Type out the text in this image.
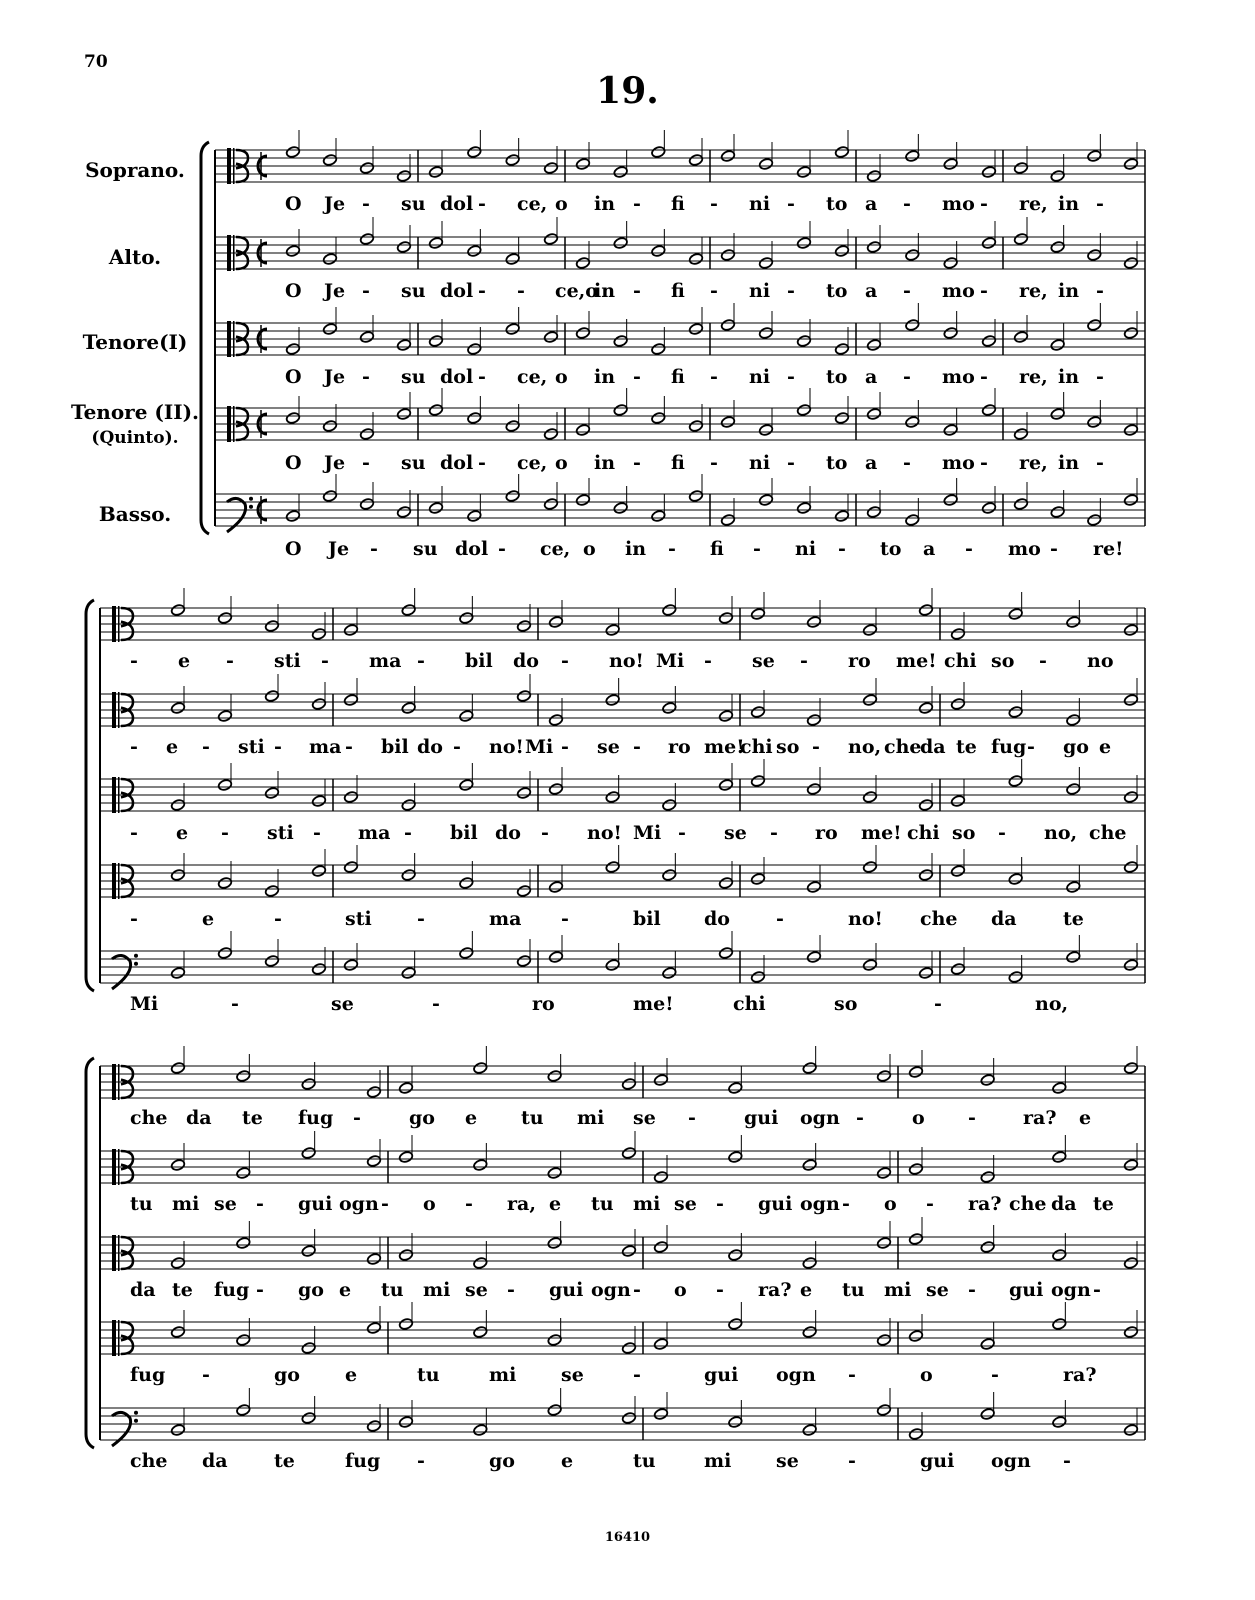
70
19.
16410
Soprano.
Alto.
Tenore(I)
Tenore (II).
(Quinto).
Basso.
O Je - su dol - ce, o in - fi - ni - to a - mo - re, in -
O Je - su dol - - ce,o
in - fi - ni - to a - mo - re, in -
O Je - su dol - ce, o in - fi - ni - to a - mo - re, in -
O Je - su dol - ce, o in - fi - ni - to a - mo - re, in -
O Je - su dol - ce, o in - fi - ni - to a - mo - re!
- e - sti - ma - bil do - no! Mi - se - ro me! chi so - no
- e - sti - ma - bil do - no! Mi - se - ro me!
chi so - no, che
da te fug - go e
- e - sti - ma - bil do - no! Mi - se - ro me! chi so - no, che
-	e	-	sti -	ma -	bil do -	no! che da te
Mi	-	se	-	ro	me!	chi	so	-	no,
che da te fug -	go e tu mi se -	gui ogn -	o - ra? e
tu mi se - gui ogn - o - ra, e tu mi se - gui ogn - o - ra? che da te
da te fug - go e tu mi se - gui ogn - o - ra? e tu mi se - gui ogn -
fug -	go e	tu	mi se	-	gui ogn -	o	-	ra?
che da te	fug -	go e	tu	mi se	-	gui ogn -
